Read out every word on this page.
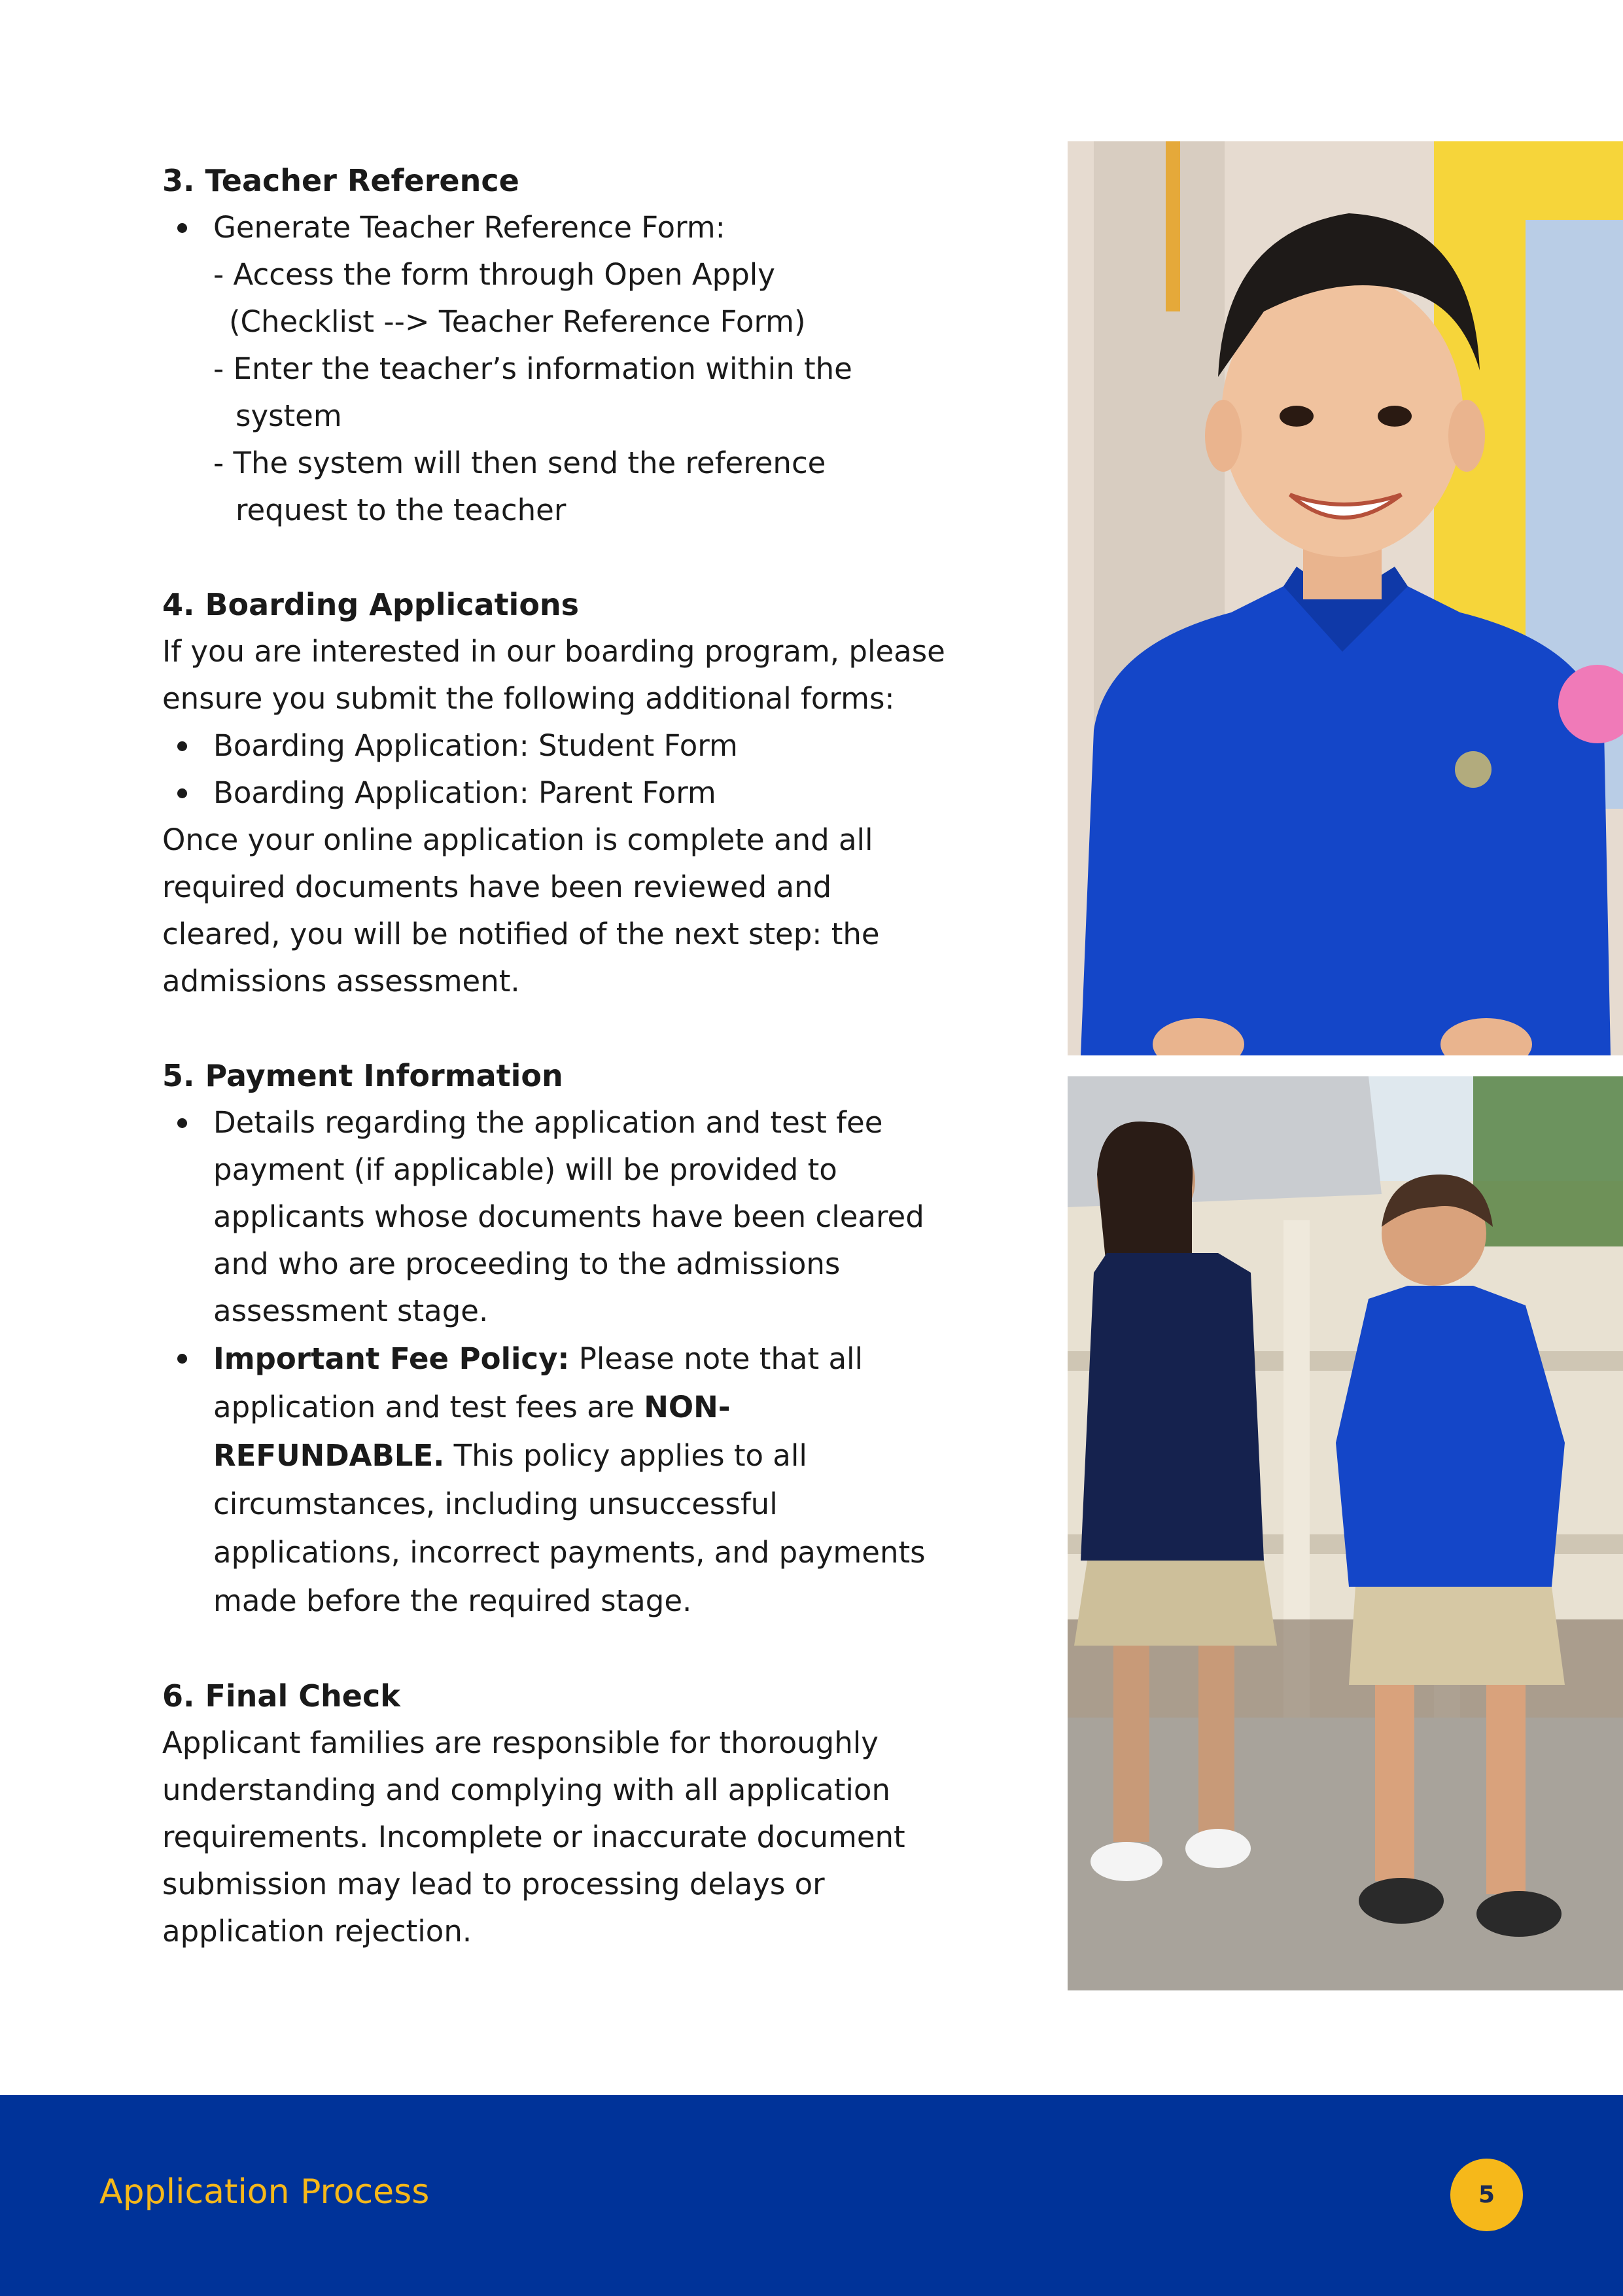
3. Teacher Reference

Generate Teacher Reference Form:
- Access the form through Open Apply
(Checklist --> Teacher Reference Form)
- Enter the teacher’s information within the
system
- The system will then send the reference
request to the teacher

4. Boarding Applications

If you are interested in our boarding program, please ensure you submit the following additional forms:

Boarding Application: Student Form
Boarding Application: Parent Form

Once your online application is complete and all required documents have been reviewed and cleared, you will be notified of the next step: the admissions assessment.

5. Payment Information

Details regarding the application and test fee payment (if applicable) will be provided to applicants whose documents have been cleared and who are proceeding to the admissions assessment stage.
Important Fee Policy: Please note that all application and test fees are NON-REFUNDABLE. This policy applies to all circumstances, including unsuccessful applications, incorrect payments, and payments made before the required stage.

6. Final Check

Applicant families are responsible for thoroughly understanding and complying with all application requirements. Incomplete or inaccurate document submission may lead to processing delays or application rejection.

Application Process	5
